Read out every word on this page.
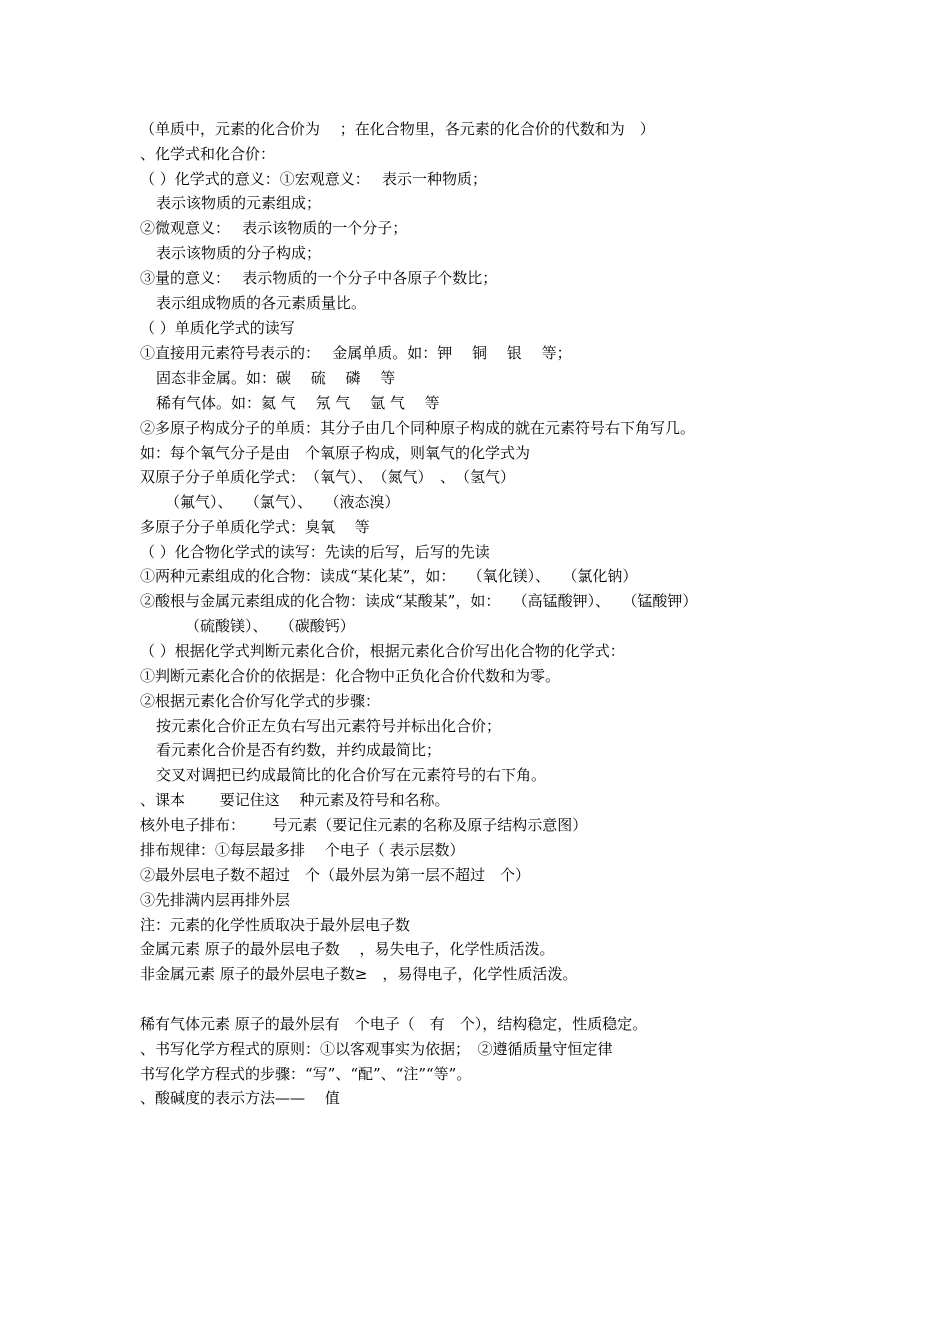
（单质中，元素的化合价为　 ；在化合物里，各元素的化合价的代数和为　）
、化学式和化合价：
（ ）化学式的意义：①宏观意义：　 表示一种物质；
表示该物质的元素组成；
②微观意义：　 表示该物质的一个分子；
表示该物质的分子构成；
③量的意义：　 表示物质的一个分子中各原子个数比；
表示组成物质的各元素质量比。
（ ）单质化学式的读写
①直接用元素符号表示的：　 金属单质。如：钾　 铜　 银　 等；
固态非金属。如：碳　 硫　 磷　 等
稀有气体。如：氦 气　 氖 气　 氩 气　 等
②多原子构成分子的单质：其分子由几个同种原子构成的就在元素符号右下角写几。
如：每个氧气分子是由　个氧原子构成，则氧气的化学式为
双原子分子单质化学式：　（氧气）、　（氮气）　、　（氢气）
（氟气）、　 （氯气）、　 （液态溴）
多原子分子单质化学式：臭氧　 等
（ ）化合物化学式的读写：先读的后写，后写的先读
①两种元素组成的化合物：读成“某化某”，如：　 （氧化镁）、　 （氯化钠）
②酸根与金属元素组成的化合物：读成“某酸某”，如：　 （高锰酸钾）、　 （锰酸钾）
（硫酸镁）、　 （碳酸钙）
（ ）根据化学式判断元素化合价，根据元素化合价写出化合物的化学式：
①判断元素化合价的依据是：化合物中正负化合价代数和为零。
②根据元素化合价写化学式的步骤：
按元素化合价正左负右写出元素符号并标出化合价；
看元素化合价是否有约数，并约成最简比；
交叉对调把已约成最简比的化合价写在元素符号的右下角。
、课本　　 要记住这　 种元素及符号和名称。
核外电子排布：　　 号元素（要记住元素的名称及原子结构示意图）
排布规律：①每层最多排　 个电子（ 表示层数）
②最外层电子数不超过　个（最外层为第一层不超过　个）
③先排满内层再排外层
注：元素的化学性质取决于最外层电子数
金属元素 原子的最外层电子数　 ，易失电子，化学性质活泼。
非金属元素 原子的最外层电子数≥　，易得电子，化学性质活泼。
稀有气体元素 原子的最外层有　个电子（　有　个），结构稳定，性质稳定。
、书写化学方程式的原则：①以客观事实为依据；　②遵循质量守恒定律
书写化学方程式的步骤：“写”、“配”、“注”“等”。
、酸碱度的表示方法——　 值
